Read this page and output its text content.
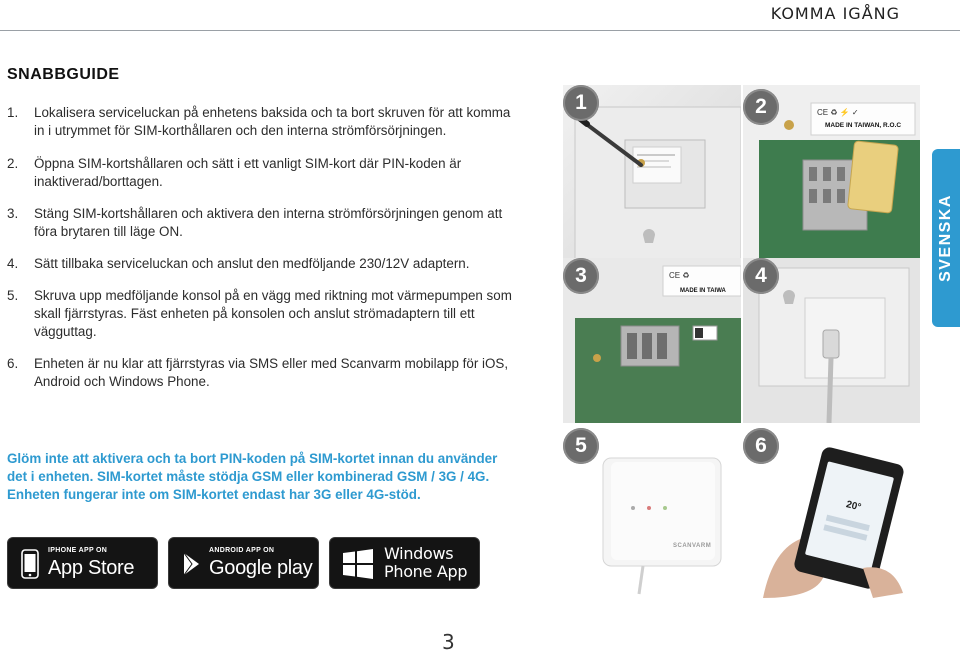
KOMMA IGÅNG
SNABBGUIDE
1. Lokalisera serviceluckan på enhetens baksida och ta bort skruven för att komma in i utrymmet för SIM-korthållaren och den interna strömförsörjningen.
2. Öppna SIM-kortshållaren och sätt i ett vanligt SIM-kort där PIN-koden är inaktiverad/borttagen.
3. Stäng SIM-kortshållaren och aktivera den interna strömförsörjningen genom att föra brytaren till läge ON.
4. Sätt tillbaka serviceluckan och anslut den medföljande 230/12V adaptern.
5. Skruva upp medföljande konsol på en vägg med riktning mot värmepumpen som skall fjärrstyras. Fäst enheten på konsolen och anslut strömadaptern till ett vägguttag.
6. Enheten är nu klar att fjärrstyras via SMS eller med Scanvarm mobilapp för iOS, Android och Windows Phone.
Glöm inte att aktivera och ta bort PIN-koden på SIM-kortet innan du använder det i enheten. SIM-kortet måste stödja GSM eller kombinerad GSM / 3G / 4G. Enheten fungerar inte om SIM-kortet endast har 3G eller 4G-stöd.
IPHONE APP ON
App Store
ANDROID APP ON
Google play
Windows
Phone App
SVENSKA
1	CE ♻ ⚡ ✓
2
MADE IN TAIWAN, R.O.C
CE ♻
3
MADE IN TAIWA
4
5
SCANVARM
20°
6
3
